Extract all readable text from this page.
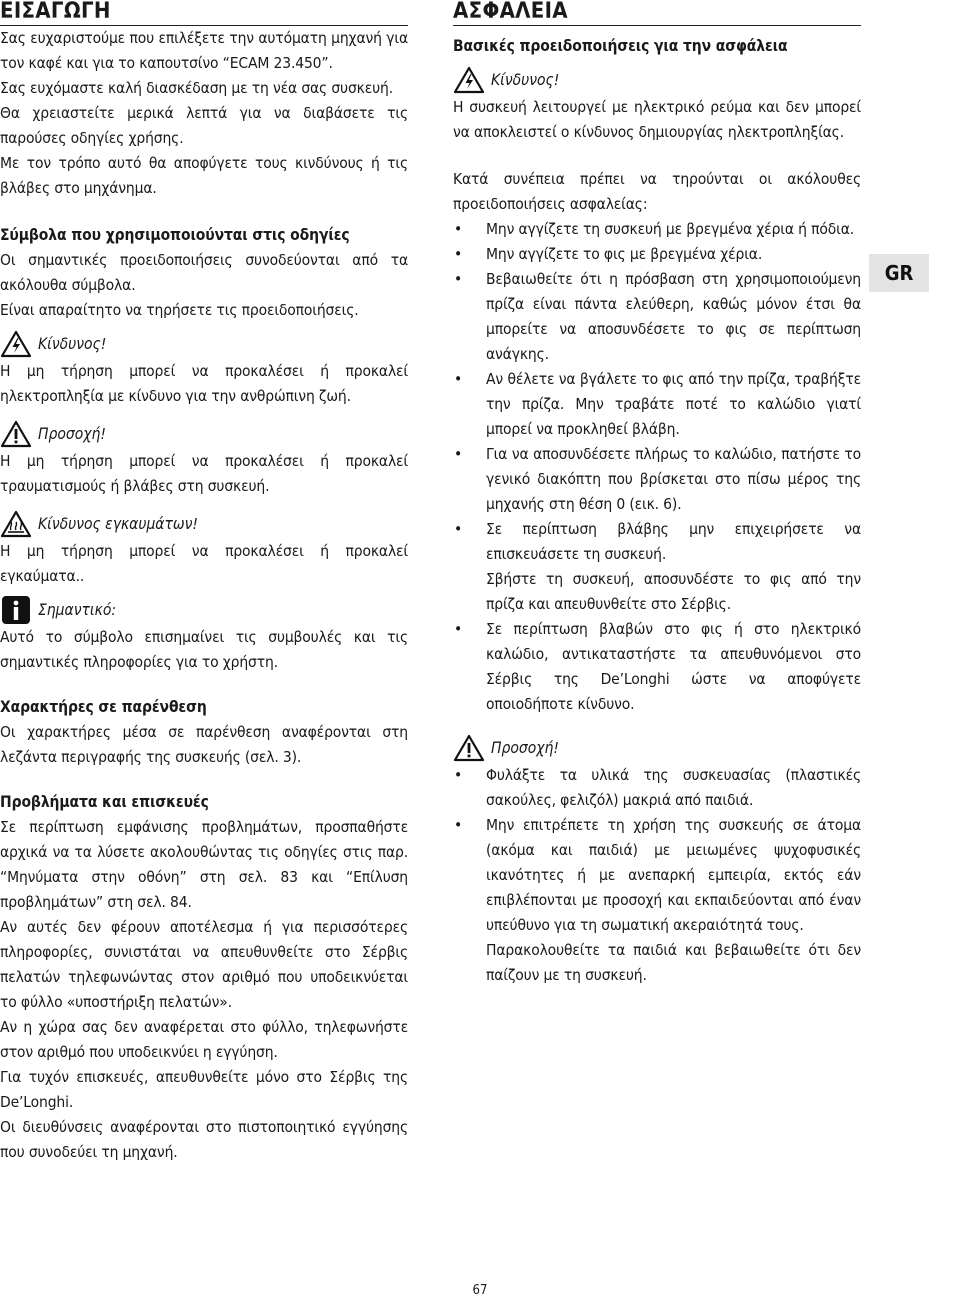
ΕΙΣΑΓΩΓΗ

Σας ευχαριστούμε που επιλέξετε την αυτόματη μηχανή για τον καφέ και για το καπουτσίνο “ECAM 23.450”.

Σας ευχόμαστε καλή διασκέδαση με τη νέα σας συσκευή.

Θα χρειαστείτε μερικά λεπτά για να διαβάσετε τις παρούσες οδηγίες χρήσης.

Με τον τρόπο αυτό θα αποφύγετε τους κινδύνους ή τις βλάβες στο μηχάνημα.

Σύμβολα που χρησιμοποιούνται στις οδηγίες

Οι σημαντικές προειδοποιήσεις συνοδεύονται από τα ακόλουθα σύμβολα.

Είναι απαραίτητο να τηρήσετε τις προειδοποιήσεις.

Κίνδυνος!

Η μη τήρηση μπορεί να προκαλέσει ή προκαλεί ηλεκτροπληξία με κίνδυνο για την ανθρώπινη ζωή.

Προσοχή!

Η μη τήρηση μπορεί να προκαλέσει ή προκαλεί τραυματισμούς ή βλάβες στη συσκευή.

Κίνδυνος εγκαυμάτων!

Η μη τήρηση μπορεί να προκαλέσει ή προκαλεί εγκαύματα..

Σημαντικό:

Αυτό το σύμβολο επισημαίνει τις συμβουλές και τις σημαντικές πληροφορίες για το χρήστη.

Χαρακτήρες σε παρένθεση

Οι χαρακτήρες μέσα σε παρένθεση αναφέρονται στη λεζάντα περιγραφής της συσκευής (σελ. 3).

Προβλήματα και επισκευές

Σε περίπτωση εμφάνισης προβλημάτων, προσπαθήστε αρχικά να τα λύσετε ακολουθώντας τις οδηγίες στις παρ. “Μηνύματα στην οθόνη” στη σελ. 83 και “Επίλυση προβλημάτων” στη σελ. 84.

Αν αυτές δεν φέρουν αποτέλεσμα ή για περισσότερες πληροφορίες, συνιστάται να απευθυνθείτε στο Σέρβις πελατών τηλεφωνώντας στον αριθμό που υποδεικνύεται το φύλλο «υποστήριξη πελατών».

Αν η χώρα σας δεν αναφέρεται στο φύλλο, τηλεφωνήστε στον αριθμό που υποδεικνύει η εγγύηση.

Για τυχόν επισκευές, απευθυνθείτε μόνο στο Σέρβις της De’Longhi.

Οι διευθύνσεις αναφέρονται στο πιστοποιητικό εγγύησης που συνοδεύει τη μηχανή.

ΑΣΦΑΛΕΙΑ
Βασικές προειδοποιήσεις για την ασφάλεια
Κίνδυνος!

Η συσκευή λειτουργεί με ηλεκτρικό ρεύμα και δεν μπορεί να αποκλειστεί ο κίνδυνος δημιουργίας ηλεκτροπληξίας.

Κατά συνέπεια πρέπει να τηρούνται οι ακόλουθες προειδοποιήσεις ασφαλείας:

• Μην αγγίζετε τη συσκευή με βρεγμένα χέρια ή πόδια.
• Μην αγγίζετε το φις με βρεγμένα χέρια.
• Βεβαιωθείτε ότι η πρόσβαση στη χρησιμοποιούμενη πρίζα είναι πάντα ελεύθερη, καθώς μόνον έτσι θα μπορείτε να αποσυνδέσετε το φις σε περίπτωση ανάγκης.
• Αν θέλετε να βγάλετε το φις από την πρίζα, τραβήξτε την πρίζα. Μην τραβάτε ποτέ το καλώδιο γιατί μπορεί να προκληθεί βλάβη.
• Για να αποσυνδέσετε πλήρως το καλώδιο, πατήστε το γενικό διακόπτη που βρίσκεται στο πίσω μέρος της μηχανής στη θέση 0 (εικ. 6).
• Σε περίπτωση βλάβης μην επιχειρήσετε να επισκευάσετε τη συσκευή.

Σβήστε τη συσκευή, αποσυνδέστε το φις από την πρίζα και απευθυνθείτε στο Σέρβις.

• Σε περίπτωση βλαβών στο φις ή στο ηλεκτρικό καλώδιο, αντικαταστήστε τα απευθυνόμενοι στο Σέρβις της De’Longhi ώστε να αποφύγετε οποιοδήποτε κίνδυνο.
Προσοχή!
• Φυλάξτε τα υλικά της συσκευασίας (πλαστικές σακούλες, φελιζόλ) μακριά από παιδιά.
• Μην επιτρέπετε τη χρήση της συσκευής σε άτομα (ακόμα και παιδιά) με μειωμένες ψυχοφυσικές ικανότητες ή με ανεπαρκή εμπειρία, εκτός εάν επιβλέπονται με προσοχή και εκπαιδεύονται από έναν υπεύθυνο για τη σωματική ακεραιότητά τους.

Παρακολουθείτε τα παιδιά και βεβαιωθείτε ότι δεν παίζουν με τη συσκευή.

GR
67
